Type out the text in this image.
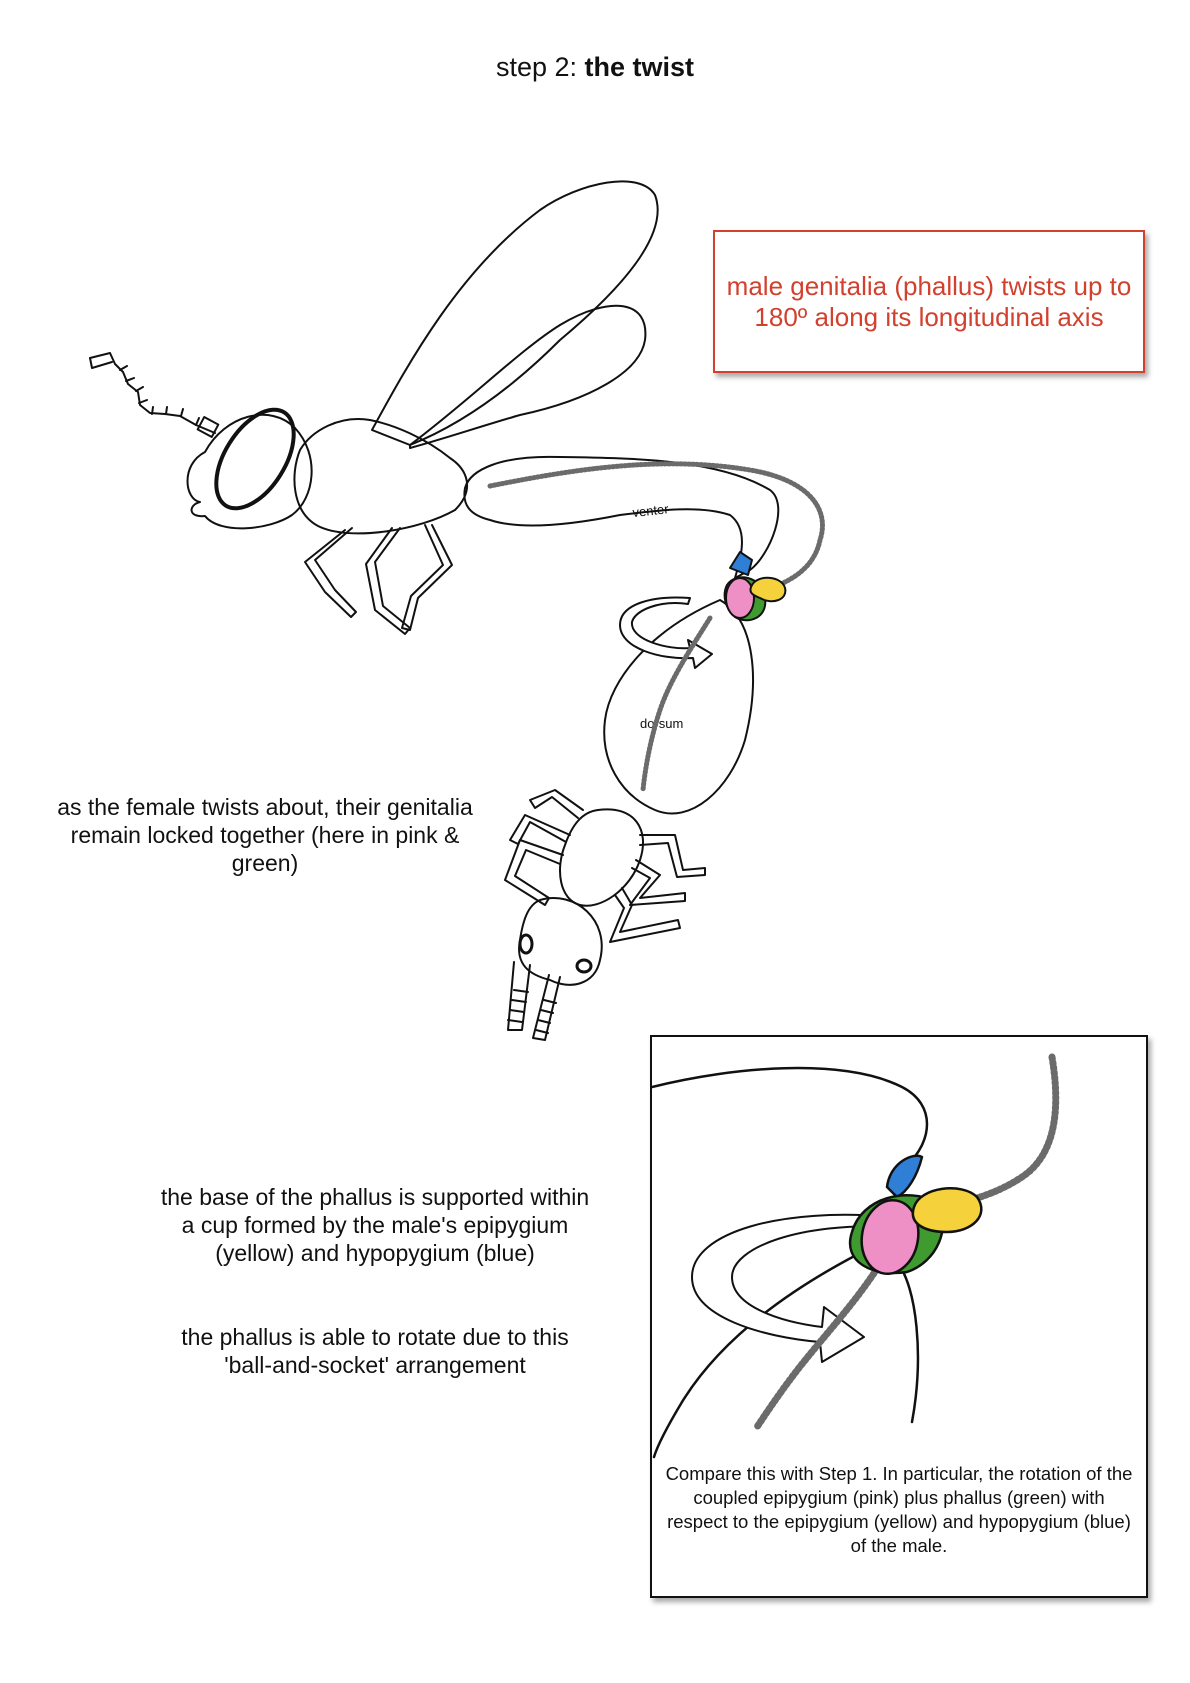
step 2: the twist
venter
dorsum
male genitalia (phallus) twists up to 180º along its longitudinal axis
as the female twists about, their genitalia remain locked together (here in pink & green)
the base of the phallus is supported within a cup formed by the male's epipygium (yellow) and hypopygium (blue)
the phallus is able to rotate due to this 'ball-and-socket' arrangement
Compare this with Step 1. In particular, the rotation of the coupled epipygium (pink) plus phallus (green) with respect to the epipygium (yellow) and hypopygium (blue) of the male.
